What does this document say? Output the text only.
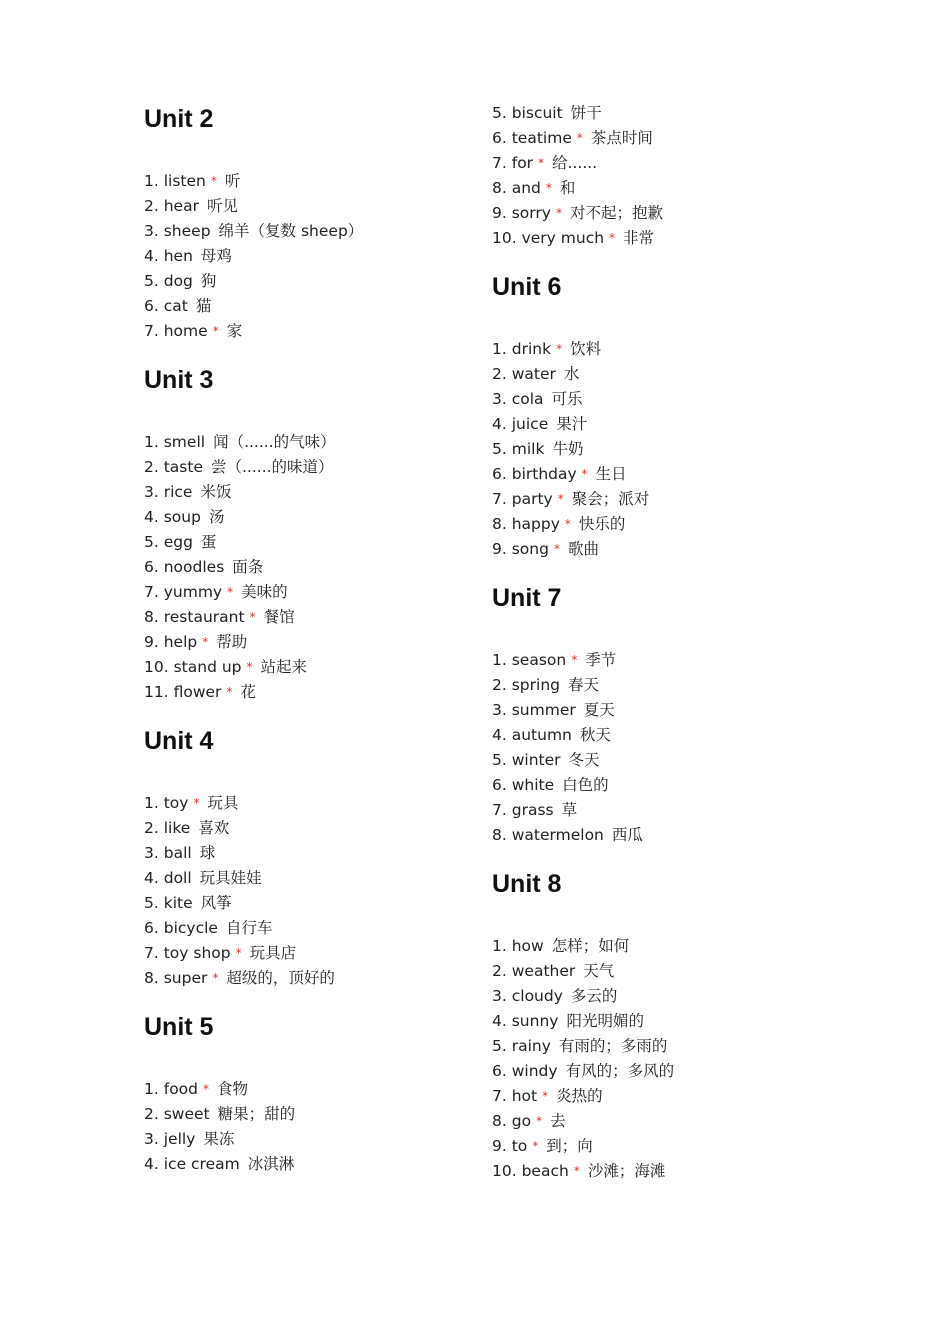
Unit 2
1. listen * 听
2. hear 听见
3. sheep 绵羊（复数 sheep）
4. hen 母鸡
5. dog 狗
6. cat 猫
7. home * 家
Unit 3
1. smell 闻（......的气味）
2. taste 尝（......的味道）
3. rice 米饭
4. soup 汤
5. egg 蛋
6. noodles 面条
7. yummy * 美味的
8. restaurant * 餐馆
9. help * 帮助
10. stand up * 站起来
11. flower * 花
Unit 4
1. toy * 玩具
2. like 喜欢
3. ball 球
4. doll 玩具娃娃
5. kite 风筝
6. bicycle 自行车
7. toy shop * 玩具店
8. super * 超级的，顶好的
Unit 5
1. food * 食物
2. sweet 糖果；甜的
3. jelly 果冻
4. ice cream 冰淇淋
5. biscuit 饼干
6. teatime * 茶点时间
7. for * 给......
8. and * 和
9. sorry * 对不起；抱歉
10. very much * 非常
Unit 6
1. drink * 饮料
2. water 水
3. cola 可乐
4. juice 果汁
5. milk 牛奶
6. birthday * 生日
7. party * 聚会；派对
8. happy * 快乐的
9. song * 歌曲
Unit 7
1. season * 季节
2. spring 春天
3. summer 夏天
4. autumn 秋天
5. winter 冬天
6. white 白色的
7. grass 草
8. watermelon 西瓜
Unit 8
1. how 怎样；如何
2. weather 天气
3. cloudy 多云的
4. sunny 阳光明媚的
5. rainy 有雨的；多雨的
6. windy 有风的；多风的
7. hot * 炎热的
8. go * 去
9. to * 到；向
10. beach * 沙滩；海滩
